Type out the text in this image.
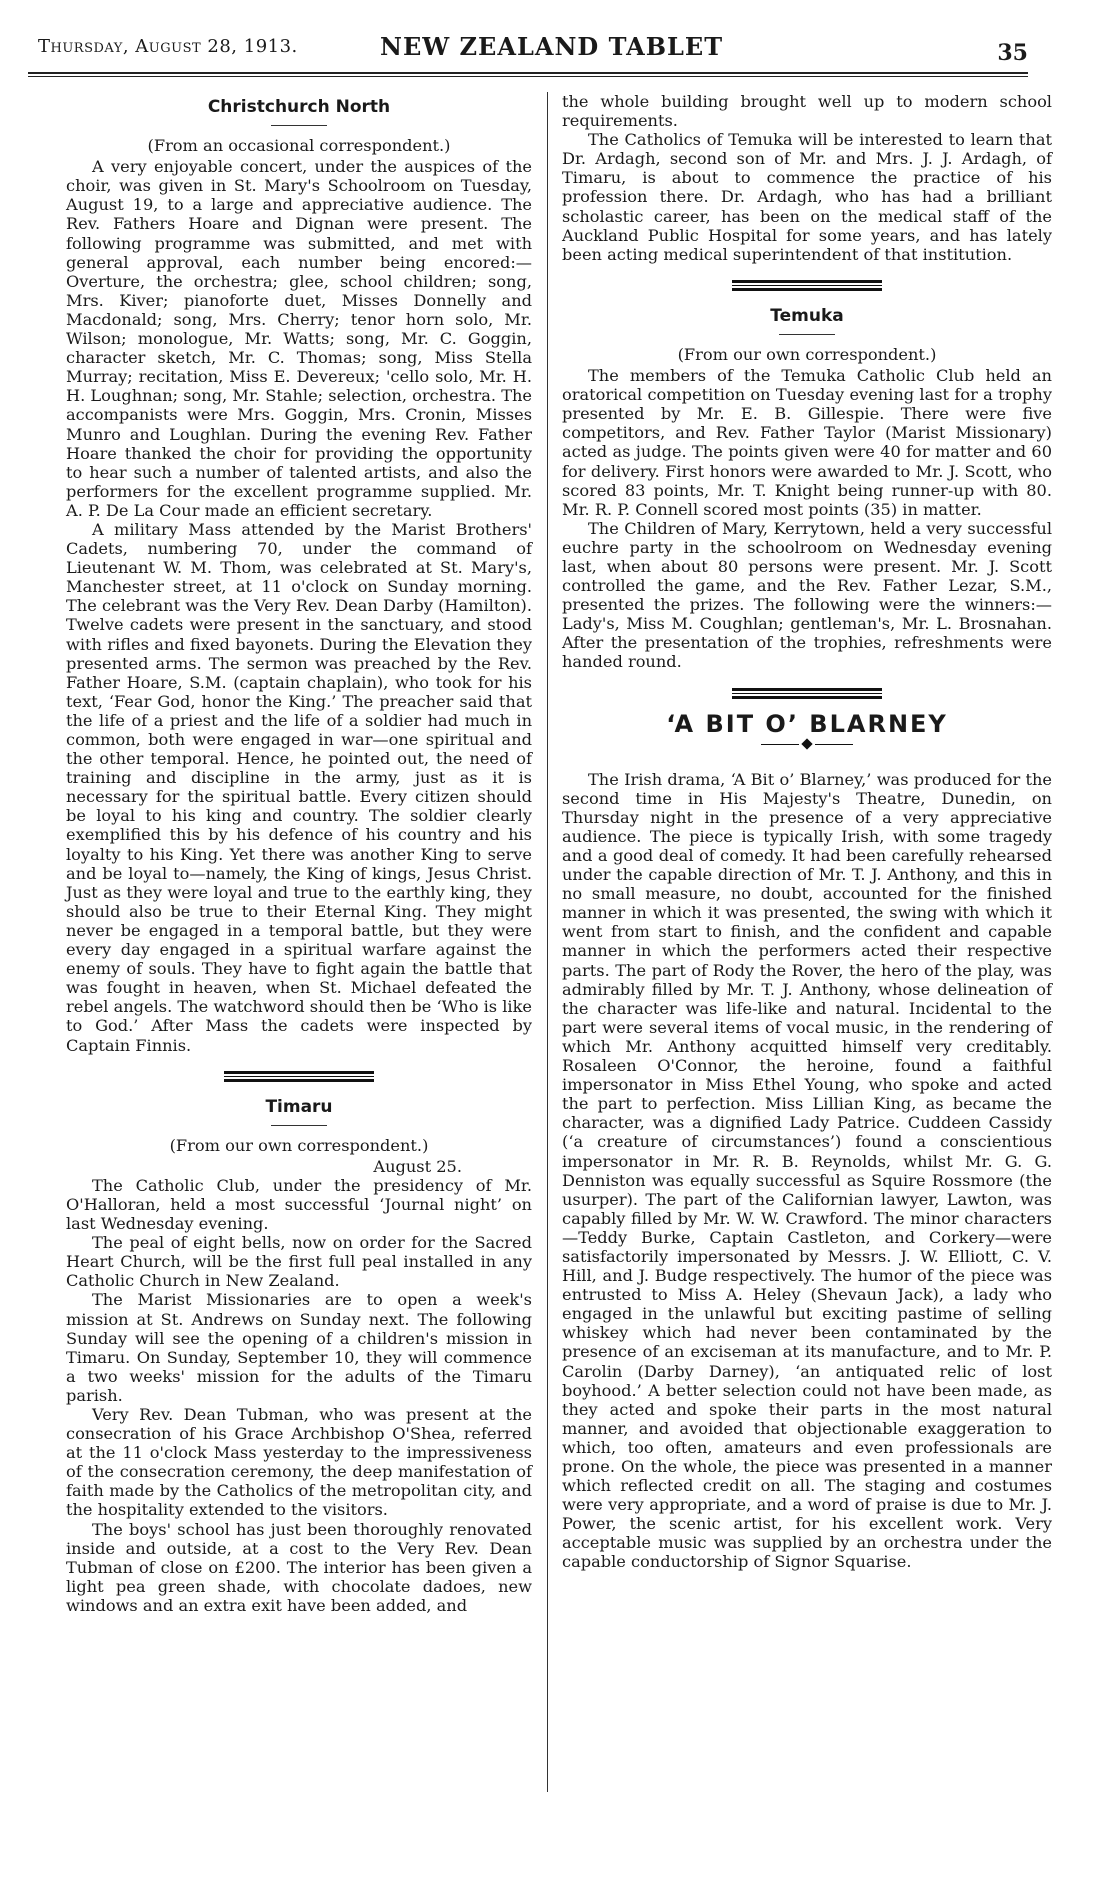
Thursday, August 28, 1913.	NEW ZEALAND TABLET	35
Christchurch North
(From an occasional correspondent.)

A very enjoyable concert, under the auspices of the choir, was given in St. Mary's Schoolroom on Tuesday, August 19, to a large and appreciative audience. The Rev. Fathers Hoare and Dignan were present. The following programme was submitted, and met with general approval, each number being encored:—Overture, the orchestra; glee, school children; song, Mrs. Kiver; pianoforte duet, Misses Donnelly and Macdonald; song, Mrs. Cherry; tenor horn solo, Mr. Wilson; monologue, Mr. Watts; song, Mr. C. Goggin, character sketch, Mr. C. Thomas; song, Miss Stella Murray; recitation, Miss E. Devereux; 'cello solo, Mr. H. H. Loughnan; song, Mr. Stahle; selection, orchestra. The accompanists were Mrs. Goggin, Mrs. Cronin, Misses Munro and Loughlan. During the evening Rev. Father Hoare thanked the choir for providing the opportunity to hear such a number of talented artists, and also the performers for the excellent programme supplied. Mr. A. P. De La Cour made an efficient secretary.

A military Mass attended by the Marist Brothers' Cadets, numbering 70, under the command of Lieutenant W. M. Thom, was celebrated at St. Mary's, Manchester street, at 11 o'clock on Sunday morning. The celebrant was the Very Rev. Dean Darby (Hamilton). Twelve cadets were present in the sanctuary, and stood with rifles and fixed bayonets. During the Elevation they presented arms. The sermon was preached by the Rev. Father Hoare, S.M. (captain chaplain), who took for his text, ‘Fear God, honor the King.’ The preacher said that the life of a priest and the life of a soldier had much in common, both were engaged in war—one spiritual and the other temporal. Hence, he pointed out, the need of training and discipline in the army, just as it is necessary for the spiritual battle. Every citizen should be loyal to his king and country. The soldier clearly exemplified this by his defence of his country and his loyalty to his King. Yet there was another King to serve and be loyal to—namely, the King of kings, Jesus Christ. Just as they were loyal and true to the earthly king, they should also be true to their Eternal King. They might never be engaged in a temporal battle, but they were every day engaged in a spiritual warfare against the enemy of souls. They have to fight again the battle that was fought in heaven, when St. Michael defeated the rebel angels. The watchword should then be ‘Who is like to God.’ After Mass the cadets were inspected by Captain Finnis.

Timaru
(From our own correspondent.)
August 25.

The Catholic Club, under the presidency of Mr. O'Halloran, held a most successful ‘Journal night’ on last Wednesday evening.

The peal of eight bells, now on order for the Sacred Heart Church, will be the first full peal installed in any Catholic Church in New Zealand.

The Marist Missionaries are to open a week's mission at St. Andrews on Sunday next. The following Sunday will see the opening of a children's mission in Timaru. On Sunday, September 10, they will commence a two weeks' mission for the adults of the Timaru parish.

Very Rev. Dean Tubman, who was present at the consecration of his Grace Archbishop O'Shea, referred at the 11 o'clock Mass yesterday to the impressiveness of the consecration ceremony, the deep manifestation of faith made by the Catholics of the metropolitan city, and the hospitality extended to the visitors.

The boys' school has just been thoroughly renovated inside and outside, at a cost to the Very Rev. Dean Tubman of close on £200. The interior has been given a light pea green shade, with chocolate dadoes, new windows and an extra exit have been added, and

the whole building brought well up to modern school requirements.

The Catholics of Temuka will be interested to learn that Dr. Ardagh, second son of Mr. and Mrs. J. J. Ardagh, of Timaru, is about to commence the practice of his profession there. Dr. Ardagh, who has had a brilliant scholastic career, has been on the medical staff of the Auckland Public Hospital for some years, and has lately been acting medical superintendent of that institution.

Temuka
(From our own correspondent.)

The members of the Temuka Catholic Club held an oratorical competition on Tuesday evening last for a trophy presented by Mr. E. B. Gillespie. There were five competitors, and Rev. Father Taylor (Marist Missionary) acted as judge. The points given were 40 for matter and 60 for delivery. First honors were awarded to Mr. J. Scott, who scored 83 points, Mr. T. Knight being runner-up with 80. Mr. R. P. Connell scored most points (35) in matter.

The Children of Mary, Kerrytown, held a very successful euchre party in the schoolroom on Wednesday evening last, when about 80 persons were present. Mr. J. Scott controlled the game, and the Rev. Father Lezar, S.M., presented the prizes. The following were the winners:—Lady's, Miss M. Coughlan; gentleman's, Mr. L. Brosnahan. After the presentation of the trophies, refreshments were handed round.

‘A BIT O’ BLARNEY

The Irish drama, ‘A Bit o’ Blarney,’ was produced for the second time in His Majesty's Theatre, Dunedin, on Thursday night in the presence of a very appreciative audience. The piece is typically Irish, with some tragedy and a good deal of comedy. It had been carefully rehearsed under the capable direction of Mr. T. J. Anthony, and this in no small measure, no doubt, accounted for the finished manner in which it was presented, the swing with which it went from start to finish, and the confident and capable manner in which the performers acted their respective parts. The part of Rody the Rover, the hero of the play, was admirably filled by Mr. T. J. Anthony, whose delineation of the character was life-like and natural. Incidental to the part were several items of vocal music, in the rendering of which Mr. Anthony acquitted himself very creditably. Rosaleen O'Connor, the heroine, found a faithful impersonator in Miss Ethel Young, who spoke and acted the part to perfection. Miss Lillian King, as became the character, was a dignified Lady Patrice. Cuddeen Cassidy (‘a creature of circumstances’) found a conscientious impersonator in Mr. R. B. Reynolds, whilst Mr. G. G. Denniston was equally successful as Squire Rossmore (the usurper). The part of the Californian lawyer, Lawton, was capably filled by Mr. W. W. Crawford. The minor characters—Teddy Burke, Captain Castleton, and Corkery—were satisfactorily impersonated by Messrs. J. W. Elliott, C. V. Hill, and J. Budge respectively. The humor of the piece was entrusted to Miss A. Heley (Shevaun Jack), a lady who engaged in the unlawful but exciting pastime of selling whiskey which had never been contaminated by the presence of an exciseman at its manufacture, and to Mr. P. Carolin (Darby Darney), ‘an antiquated relic of lost boyhood.’ A better selection could not have been made, as they acted and spoke their parts in the most natural manner, and avoided that objectionable exaggeration to which, too often, amateurs and even professionals are prone. On the whole, the piece was presented in a manner which reflected credit on all. The staging and costumes were very appropriate, and a word of praise is due to Mr. J. Power, the scenic artist, for his excellent work. Very acceptable music was supplied by an orchestra under the capable conductorship of Signor Squarise.
